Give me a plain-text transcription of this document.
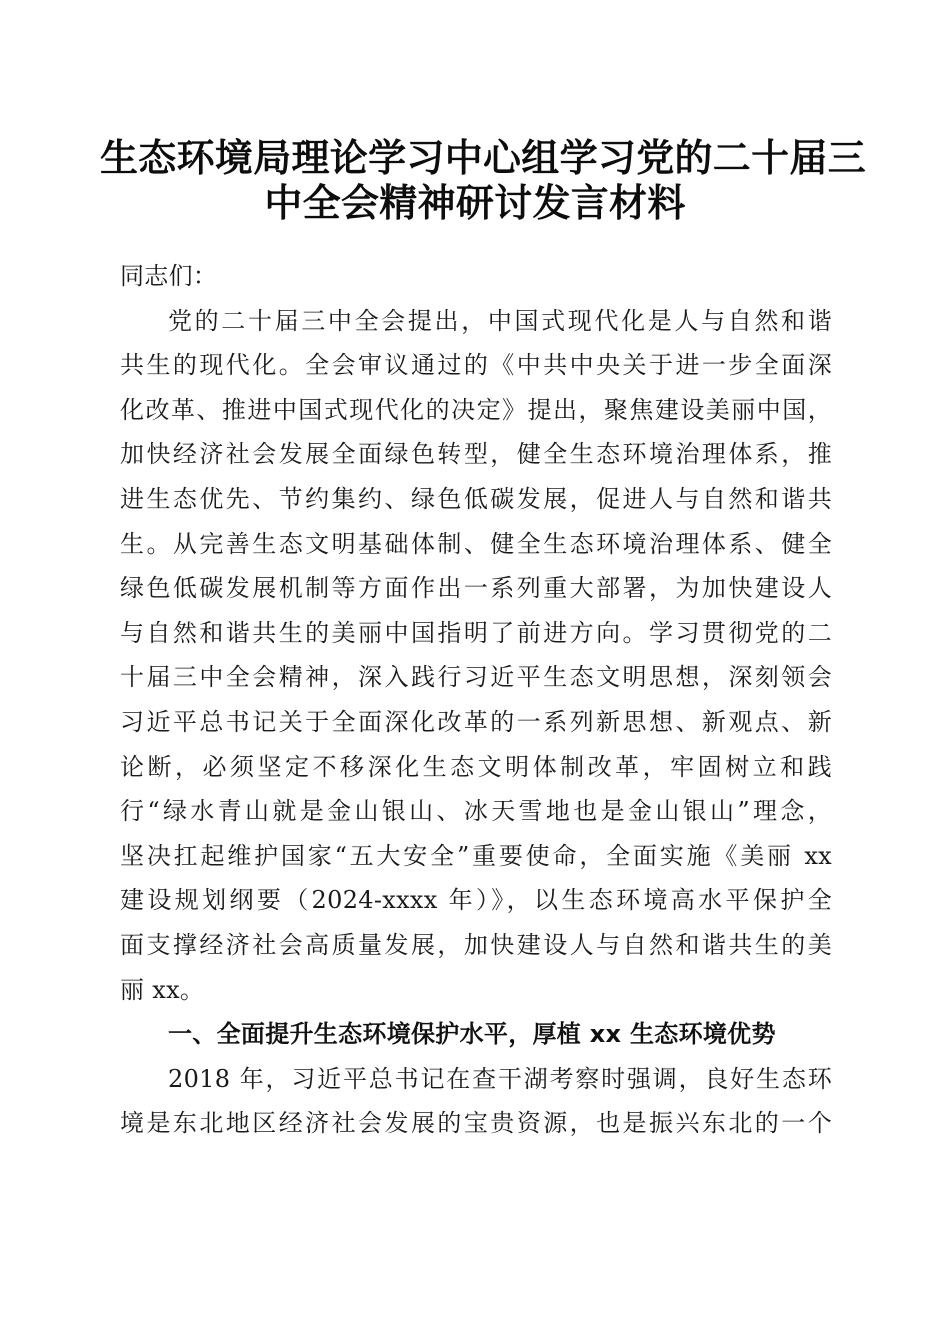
生态环境局理论学习中心组学习党的二十届三
中全会精神研讨发言材料
同志们：
党的二十届三中全会提出，中国式现代化是人与自然和谐
共生的现代化。全会审议通过的《中共中央关于进一步全面深
化改革、推进中国式现代化的决定》提出，聚焦建设美丽中国，
加快经济社会发展全面绿色转型，健全生态环境治理体系，推
进生态优先、节约集约、绿色低碳发展，促进人与自然和谐共
生。从完善生态文明基础体制、健全生态环境治理体系、健全
绿色低碳发展机制等方面作出一系列重大部署，为加快建设人
与自然和谐共生的美丽中国指明了前进方向。学习贯彻党的二
十届三中全会精神，深入践行习近平生态文明思想，深刻领会
习近平总书记关于全面深化改革的一系列新思想、新观点、新
论断，必须坚定不移深化生态文明体制改革，牢固树立和践
行“绿水青山就是金山银山、冰天雪地也是金山银山”理念，
坚决扛起维护国家“五大安全”重要使命，全面实施《美丽 xx
建设规划纲要（2024-xxxx 年）》，以生态环境高水平保护全
面支撑经济社会高质量发展，加快建设人与自然和谐共生的美
丽 xx。
一、全面提升生态环境保护水平，厚植 xx 生态环境优势
2018 年，习近平总书记在查干湖考察时强调，良好生态环
境是东北地区经济社会发展的宝贵资源，也是振兴东北的一个
